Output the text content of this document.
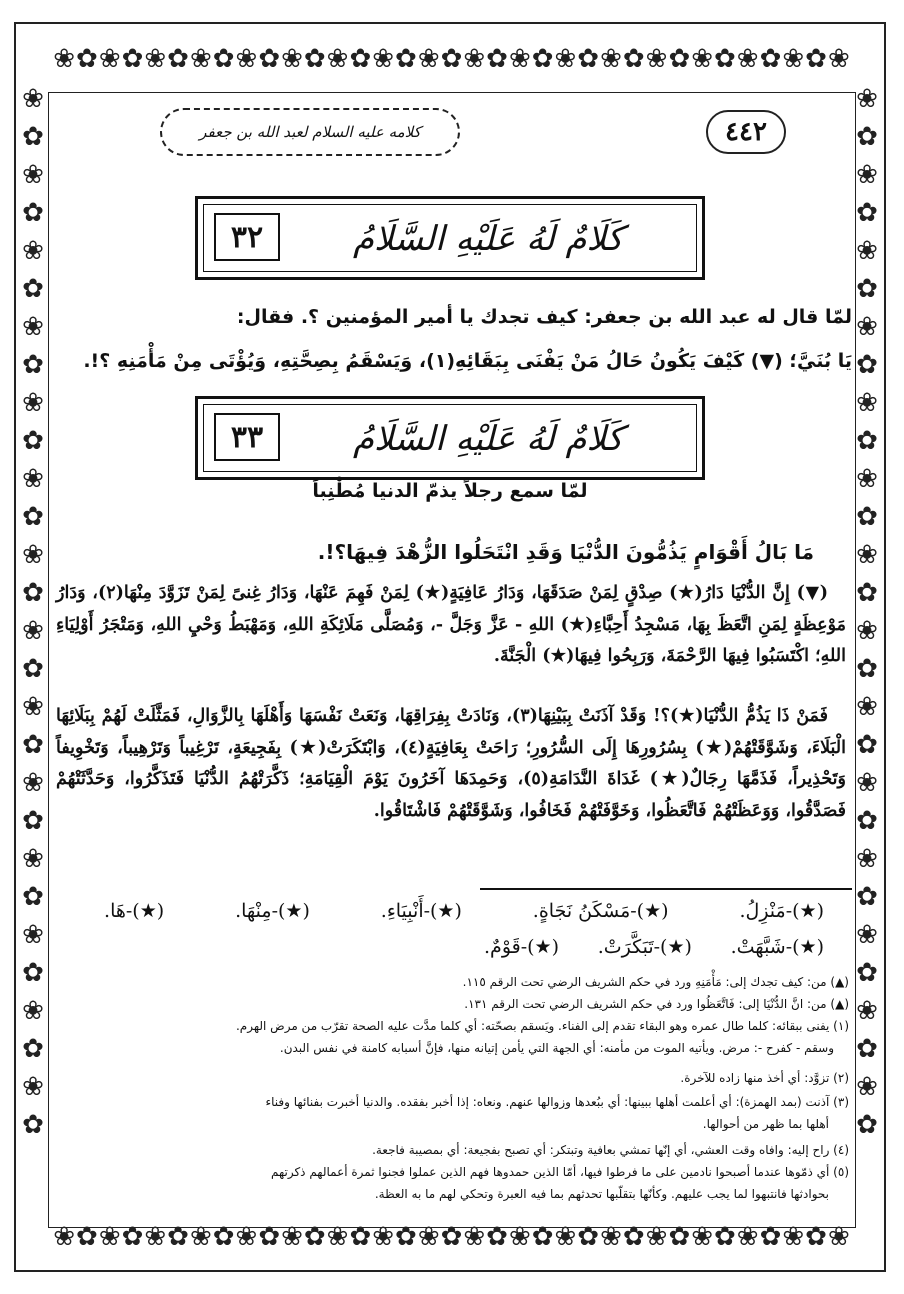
❀✿❀✿❀✿❀✿❀✿❀✿❀✿❀✿❀✿❀✿❀✿❀✿❀✿❀✿❀✿❀✿❀✿❀
❀✿❀✿❀✿❀✿❀✿❀✿❀✿❀✿❀✿❀✿❀✿❀✿❀✿❀✿❀✿❀✿❀✿❀
❀✿❀✿❀✿❀✿❀✿❀✿❀✿❀✿❀✿❀✿❀✿❀✿❀✿❀✿
❀✿❀✿❀✿❀✿❀✿❀✿❀✿❀✿❀✿❀✿❀✿❀✿❀✿❀✿
٤٤٢
كلامه عليه السلام لعبد الله بن جعفر
٣٢	كَلَامٌ لَهُ عَلَيْهِ السَّلَامُ
لمّا قال له عبد الله بن جعفر: كيف تجدك يا أمير المؤمنين ؟. فقال:
يَا بُنَيَّ؛ (▼) كَيْفَ يَكُونُ حَالُ مَنْ يَفْنَى بِبَقَائِهِ(١)، وَيَسْقَمُ بِصِحَّتِهِ، وَيُؤْتَى مِنْ مَأْمَنِهِ ؟!.
٣٣	كَلَامٌ لَهُ عَلَيْهِ السَّلَامُ
لمّا سمع رجلاً يذمّ الدنيا مُطْنِباً
مَا بَالُ أَقْوَامٍ يَذُمُّونَ الدُّنْيَا وَقَدِ انْتَحَلُوا الزُّهْدَ فِيهَا؟!.
(▼) إِنَّ الدُّنْيَا دَارُ(★) صِدْقٍ لِمَنْ صَدَقَهَا، وَدَارُ عَافِيَةٍ(★) لِمَنْ فَهِمَ عَنْهَا، وَدَارُ غِنىً لِمَنْ تَزَوَّدَ مِنْهَا(٢)، وَدَارُ مَوْعِظَةٍ لِمَنِ اتَّعَظَ بِهَا، مَسْجِدُ أَحِبَّاءِ(★) اللهِ - عَزَّ وَجَلَّ -، وَمُصَلَّى مَلَائِكَةِ اللهِ، وَمَهْبَطُ وَحْيِ اللهِ، وَمَتْجَرُ أَوْلِيَاءِ اللهِ؛ اكْتَسَبُوا فِيهَا الرَّحْمَةَ، وَرَبِحُوا فِيهَا(★) الْجَنَّةَ.
فَمَنْ ذَا يَذُمُّ الدُّنْيَا(★)؟! وَقَدْ آذَنَتْ بِبَيْنِهَا(٣)، وَنَادَتْ بِفِرَاقِهَا، وَنَعَتْ نَفْسَهَا وَأَهْلَهَا بِالزَّوَالِ، فَمَثَّلَتْ لَهُمْ بِبَلَائِهَا الْبَلَاءَ، وَشَوَّقَتْهُمْ(★) بِسُرُورِهَا إِلَى السُّرُورِ؛ رَاحَتْ بِعَافِيَةٍ(٤)، وَابْتَكَرَتْ(★) بِفَجِيعَةٍ، تَرْغِيباً وَتَرْهِيباً، وَتَخْوِيفاً وَتَحْذِيراً، فَذَمَّهَا رِجَالٌ(★) غَدَاةَ النَّدَامَةِ(٥)، وَحَمِدَهَا آخَرُونَ يَوْمَ الْقِيَامَةِ؛ ذَكَّرَتْهُمُ الدُّنْيَا فَتَذَكَّرُوا، وَحَدَّثَتْهُمْ فَصَدَّقُوا، وَوَعَظَتْهُمْ فَاتَّعَظُوا، وَخَوَّفَتْهُمْ فَخَافُوا، وَشَوَّقَتْهُمْ فَاشْتَاقُوا.
(★)-مَنْزِلُ.
(★)-مَسْكَنُ نَجَاةٍ.
(★)-أَنْبِيَاءِ.
(★)-مِنْهَا.
(★)-هَا.
(★)-شَبَّهَتْ.
(★)-تَبَكَّرَتْ.
(★)-قَوْمٌ.
(▲) من: كيف تجدك إلى: مَأْمَنِهِ ورد في حكم الشريف الرضي تحت الرقم ١١٥.
(▲) من: انَّ الدُّنْيَا إلى: فَاتَّعَظُوا ورد في حكم الشريف الرضي تحت الرقم ١٣١.
(١) يفنى ببقائه: كلما طال عمره وهو البقاء تقدم إلى الفناء. ويَسقم بصحّته: أي كلما مدَّت عليه الصحة تقرّب من مرض الهرم.
وسقم - كفرح -: مرض. ويأتيه الموت من مأمنه: أي الجهة التي يأمن إتيانه منها، فإنَّ أسبابه كامنة في نفس البدن.
(٢) تزوَّد: أي أخذ منها زاده للآخرة.
(٣) آذنت (بمد الهمزة): أي أعلمت أهلها ببينها: أي ببُعدها وزوالها عنهم. ونعاه: إذا أخبر بفقده. والدنيا أخبرت بفنائها وفناء
أهلها بما ظهر من أحوالها.
(٤) راح إليه: وافاه وقت العشي، أي إنّها تمشي بعافية وتبتكر: أي تصبح بفجيعة: أي بمصيبة فاجعة.
(٥) أي ذمّوها عندما أصبحوا نادمين على ما فرطوا فيها، أمّا الذين حمدوها فهم الذين عملوا فجنوا ثمرة أعمالهم ذكرتهم
بحوادثها فانتبهوا لما يجب عليهم. وكأنّها بتقلّبها تحدثهم بما فيه العبرة وتحكي لهم ما به العظة.
